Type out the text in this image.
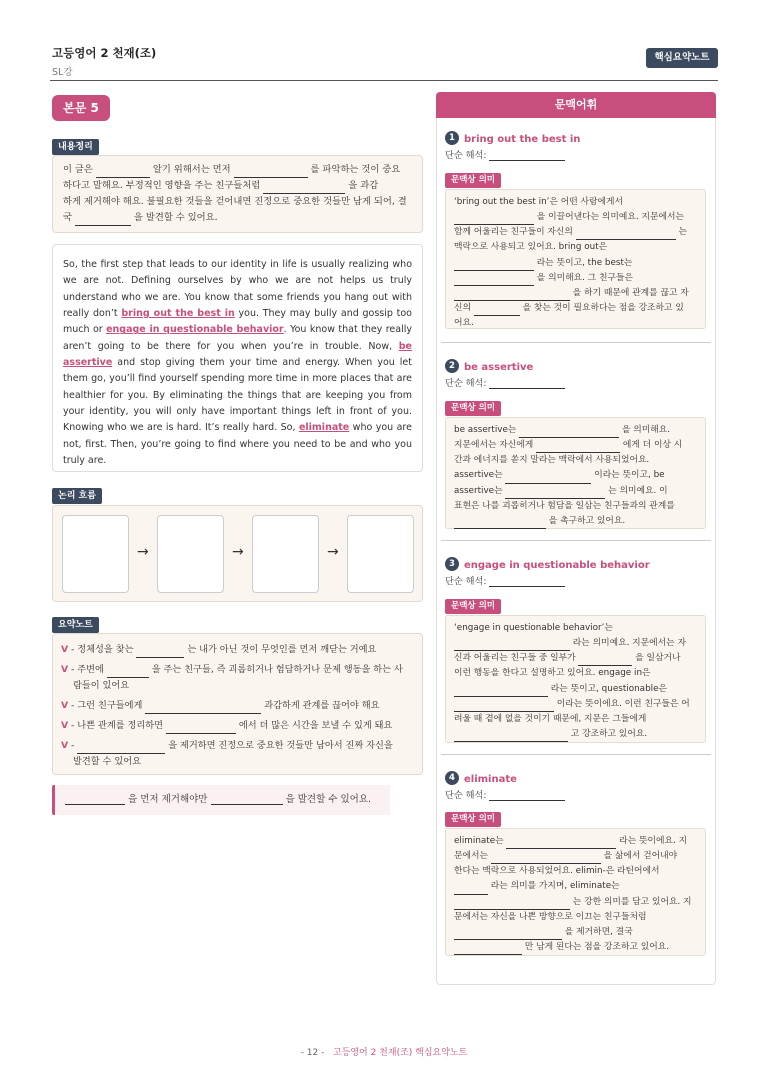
고등영어 2 천재(조)
SL강
핵심요약노트
본문 5
내용정리
이 글은	알기 위해서는 먼저	를 파악하는 것이 중요
하다고 말해요. 부정적인 영향을 주는 친구들처럼	을 과감
하게 제거해야 해요. 불필요한 것들을 걷어내면 진정으로 중요한 것들만 남게 되어, 결
국	을 발견할 수 있어요.
So, the first step that leads to our identity in life is usually realizing who we are not. Defining ourselves by who we are not helps us truly understand who we are. You know that some friends you hang out with really don’t bring out the best in you. They may bully and gossip too much or engage in questionable behavior. You know that they really aren’t going to be there for you when you’re in trouble. Now, be assertive and stop giving them your time and energy. When you let them go, you’ll find yourself spending more time in more places that are healthier for you. By eliminating the things that are keeping you from your identity, you will only have important things left in front of you. Knowing who we are is hard. It’s really hard. So, eliminate who you are not, first. Then, you’re going to find where you need to be and who you truly are.
논리 흐름
→	→	→
요약노트
V - 정체성을 찾는	는 내가 아닌 것이 무엇인를 먼저 깨닫는 거예요
V - 주변에	을 주는 친구들, 즉 괴롭히거나 험담하거나 문제 행동을 하는 사
람들이 있어요
V - 그런 친구들에게	과감하게 관계를 끊어야 해요
V - 나쁜 관계를 정리하면	에서 더 많은 시간을 보낼 수 있게 돼요
V -	을 제거하면 진정으로 중요한 것들만 남아서 진짜 자신을
발견할 수 있어요
을 먼저 제거해야만	을 발견할 수 있어요.
문맥어휘
1 bring out the best in
단순 해석:
문맥상 의미
‘bring out the best in’은 어떤 사람에게서
을 이끌어낸다는 의미예요. 지문에서는
함께 어울리는 친구들이 자신의	는
맥락으로 사용되고 있어요. bring out은
라는 뜻이고, the best는
을 의미해요. 그 친구들은
을 하기 때문에 관계를 끊고 자
신의	을 찾는 것이 필요하다는 점을 강조하고 있
어요.
2 be assertive
단순 해석:
문맥상 의미
be assertive는	을 의미해요.
지문에서는 자신에게	에게 더 이상 시
간과 에너지를 쏟지 말라는 맥락에서 사용되었어요.
assertive는	이라는 뜻이고, be
assertive는	는 의미예요. 이
표현은 나를 괴롭히거나 험담을 일삼는 친구들과의 관계를
을 촉구하고 있어요.
3 engage in questionable behavior
단순 해석:
문맥상 의미
‘engage in questionable behavior’는
라는 의미예요. 지문에서는 자
신과 어울리는 친구들 중 일부가	을 일삼거나
이런 행동을 한다고 설명하고 있어요. engage in은
라는 뜻이고, questionable은
이라는 뜻이에요. 이런 친구들은 어
려울 때 곁에 없을 것이기 때문에, 지문은 그들에게
고 강조하고 있어요.
4 eliminate
단순 해석:
문맥상 의미
eliminate는	라는 뜻이에요. 지
문에서는	을 삶에서 걷어내야
한다는 맥락으로 사용되었어요. elimin-은 라틴어에서
라는 의미를 가지며, eliminate는
는 강한 의미를 담고 있어요. 지
문에서는 자신을 나쁜 방향으로 이끄는 친구들처럼
을 제거하면, 결국
만 남게 된다는 점을 강조하고 있어요.
- 12 - 고등영어 2 천재(조) 핵심요약노트
